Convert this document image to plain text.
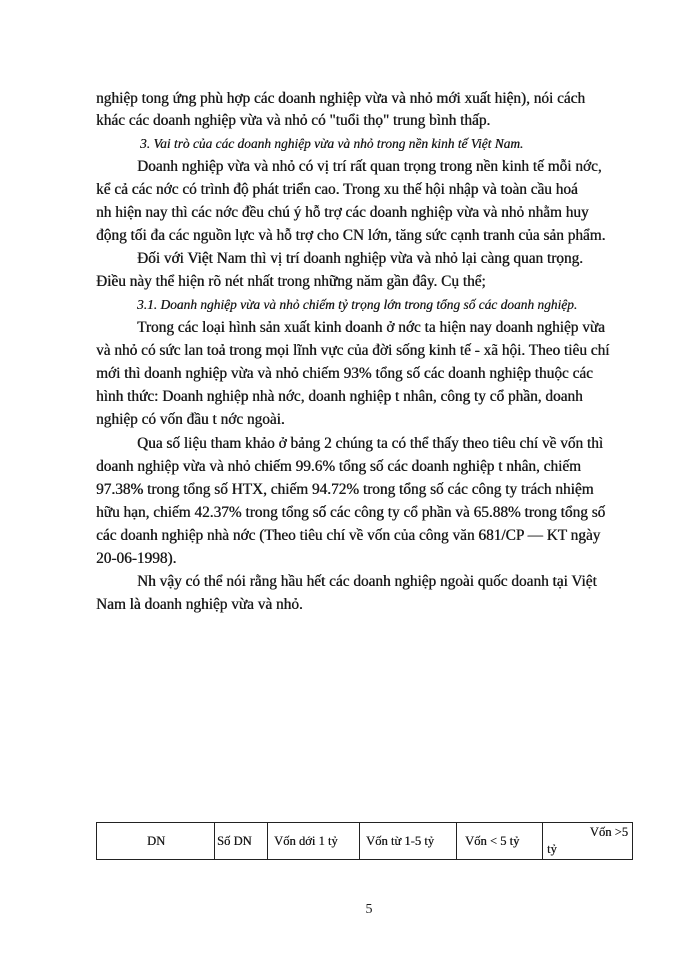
nghiệp tong ứng phù hợp các doanh nghiệp vừa và nhỏ mới xuất hiện), nói cách
khác các doanh nghiệp vừa và nhỏ có "tuổi thọ" trung bình thấp.
3. Vai trò của các doanh nghiệp vừa và nhỏ trong nền kinh tế Việt Nam.
Doanh nghiệp vừa và nhỏ có vị trí rất quan trọng trong nền kinh tế mỗi nớc,
kể cả các nớc có trình độ phát triển cao. Trong xu thế hội nhập và toàn cầu hoá
nh hiện nay thì các nớc đều chú ý hỗ trợ các doanh nghiệp vừa và nhỏ nhằm huy
động tối đa các nguồn lực và hỗ trợ cho CN lớn, tăng sức cạnh tranh của sản phẩm.
Đối với Việt Nam thì vị trí doanh nghiệp vừa và nhỏ lại càng quan trọng.
Điều này thể hiện rõ nét nhất trong những năm gần đây. Cụ thể;
3.1. Doanh nghiệp vừa và nhỏ chiếm tỷ trọng lớn trong tổng số các doanh nghiệp.
Trong các loại hình sản xuất kinh doanh ở nớc ta hiện nay doanh nghiệp vừa
và nhỏ có sức lan toả trong mọi lĩnh vực của đời sống kinh tế - xã hội. Theo tiêu chí
mới thì doanh nghiệp vừa và nhỏ chiếm 93% tổng số các doanh nghiệp thuộc các
hình thức: Doanh nghiệp nhà nớc, doanh nghiệp t nhân, công ty cổ phần, doanh
nghiệp có vốn đầu t nớc ngoài.
Qua số liệu tham khảo ở bảng 2 chúng ta có thể thấy theo tiêu chí về vốn thì
doanh nghiệp vừa và nhỏ chiếm 99.6% tổng số các doanh nghiệp t nhân, chiếm
97.38% trong tổng số HTX, chiếm 94.72% trong tổng số các công ty trách nhiệm
hữu hạn, chiếm 42.37% trong tổng số các công ty cổ phần và 65.88% trong tổng số
các doanh nghiệp nhà nớc (Theo tiêu chí về vốn của công văn 681/CP — KT ngày
20-06-1998).
Nh vậy có thể nói rằng hầu hết các doanh nghiệp ngoài quốc doanh tại Việt
Nam là doanh nghiệp vừa và nhỏ.
DN	Số DN Vốn dới 1 tỷ Vốn từ 1-5 tỷ Vốn < 5 tỷ
Vốn >5
tỷ
5
